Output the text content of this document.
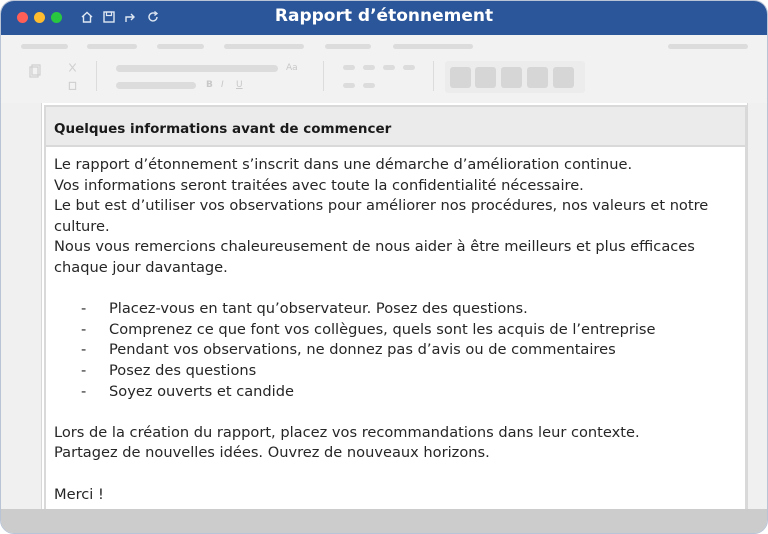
Rapport d’étonnement
Aa
B I U
Quelques informations avant de commencer

Le rapport d’étonnement s’inscrit dans une démarche d’amélioration continue.

Vos informations seront traitées avec toute la confidentialité nécessaire.

Le but est d’utiliser vos observations pour améliorer nos procédures, nos valeurs et notre culture.

Nous vous remercions chaleureusement de nous aider à être meilleurs et plus efficaces chaque jour davantage.

- Placez-vous en tant qu’observateur. Posez des questions.
- Comprenez ce que font vos collègues, quels sont les acquis de l’entreprise
- Pendant vos observations, ne donnez pas d’avis ou de commentaires
- Posez des questions
- Soyez ouverts et candide

Lors de la création du rapport, placez vos recommandations dans leur contexte.

Partagez de nouvelles idées. Ouvrez de nouveaux horizons.

Merci !
